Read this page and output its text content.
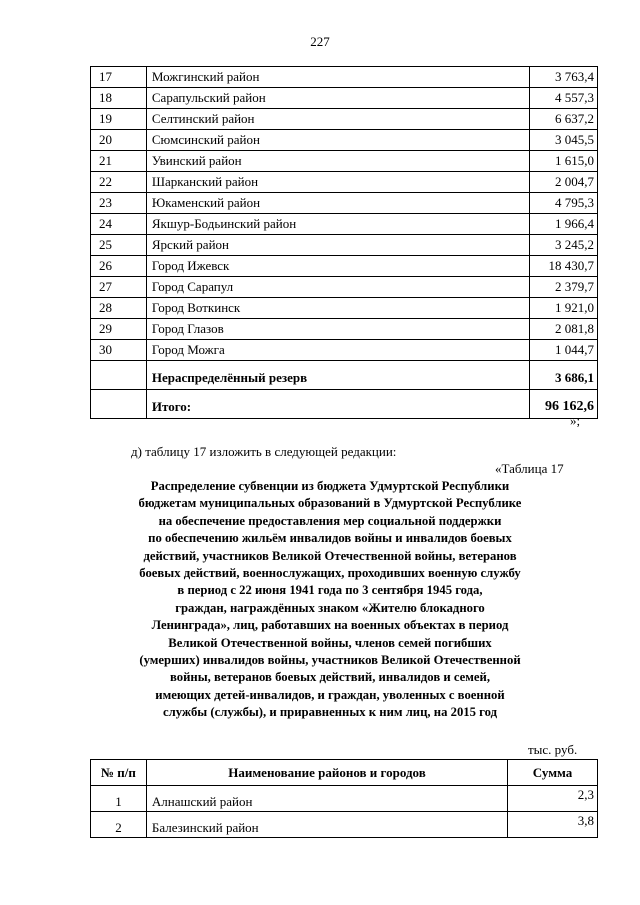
227
17	Можгинский район	3 763,4
18	Сарапульский район	4 557,3
19	Селтинский район	6 637,2
20	Сюмсинский район	3 045,5
21	Увинский район	1 615,0
22	Шарканский район	2 004,7
23	Юкаменский район	4 795,3
24	Якшур-Бодьинский район	1 966,4
25	Ярский район	3 245,2
26	Город Ижевск	18 430,7
27	Город Сарапул	2 379,7
28	Город Воткинск	1 921,0
29	Город Глазов	2 081,8
30	Город Можга	1 044,7
	Нераспределённый резерв	3 686,1
	Итого:	96 162,6
»;
д) таблицу 17 изложить в следующей редакции:
«Таблица 17
Распределение субвенции из бюджета Удмуртской Республики
бюджетам муниципальных образований в Удмуртской Республике
на обеспечение предоставления мер социальной поддержки
по обеспечению жильём инвалидов войны и инвалидов боевых
действий, участников Великой Отечественной войны, ветеранов
боевых действий, военнослужащих, проходивших военную службу
в период с 22 июня 1941 года по 3 сентября 1945 года,
граждан, награждённых знаком «Жителю блокадного
Ленинграда», лиц, работавших на военных объектах в период
Великой Отечественной войны, членов семей погибших
(умерших) инвалидов войны, участников Великой Отечественной
войны, ветеранов боевых действий, инвалидов и семей,
имеющих детей-инвалидов, и граждан, уволенных с военной
службы (службы), и приравненных к ним лиц, на 2015 год
тыс. руб.
№ п/п	Наименование районов и городов	Сумма
1	Алнашский район	2,3
2	Балезинский район	3,8
